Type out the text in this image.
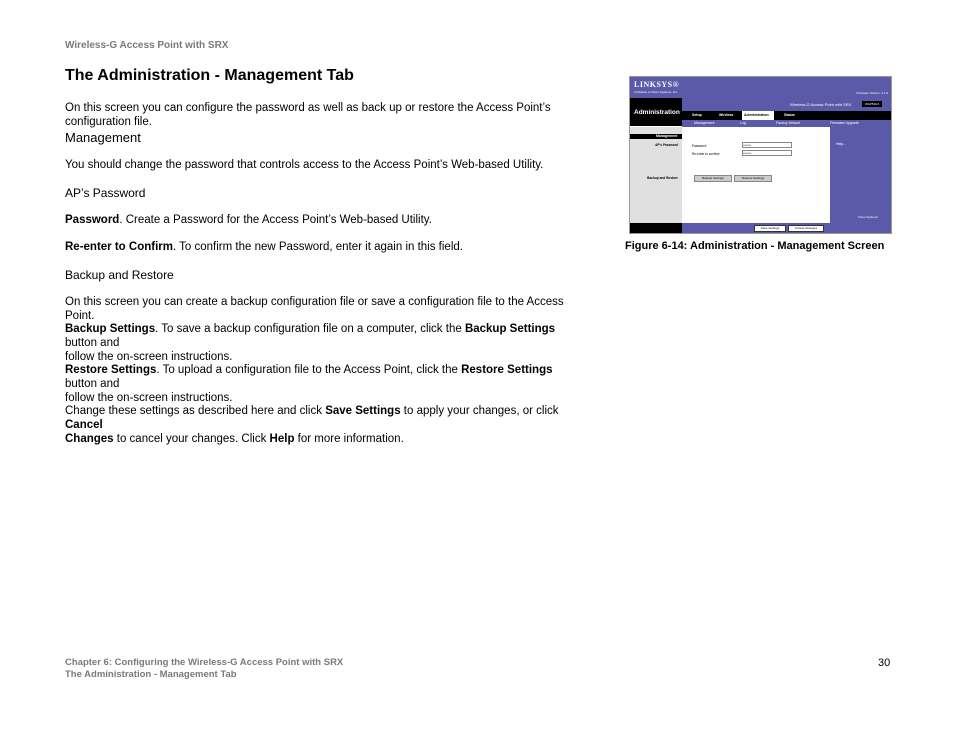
Wireless-G Access Point with SRX
The Administration - Management Tab
On this screen you can configure the password as well as back up or restore the Access Point’s configuration file.
Management
You should change the password that controls access to the Access Point’s Web-based Utility.
AP’s Password
Password. Create a Password for the Access Point’s Web-based Utility.
Re-enter to Confirm. To confirm the new Password, enter it again in this field.
Backup and Restore
On this screen you can create a backup configuration file or save a configuration file to the Access Point.
Backup Settings. To save a backup configuration file on a computer, click the Backup Settings button and
follow the on-screen instructions.
Restore Settings. To upload a configuration file to the Access Point, click the Restore Settings button and
follow the on-screen instructions.
Change these settings as described here and click Save Settings to apply your changes, or click Cancel
Changes to cancel your changes. Click Help for more information.
LINKSYS®
A Division of Cisco Systems, Inc.	Firmware Version: 1.1.6
Administration
Wireless-G Access Point with SRX	WAP54GX
Setup	Wireless	Administration	Status
Management	Log	Factory Default	Firmware Upgrade
Management
AP's Password
Backup and Restore
Password:
Re-enter to confirm:
••••••••
••••••••
Backup Settings	Restore Settings
Help...
Save Settings	Cancel Changes
Cisco Systems
Figure 6-14: Administration - Management Screen
Chapter 6: Configuring the Wireless-G Access Point with SRX
The Administration - Management Tab
30
